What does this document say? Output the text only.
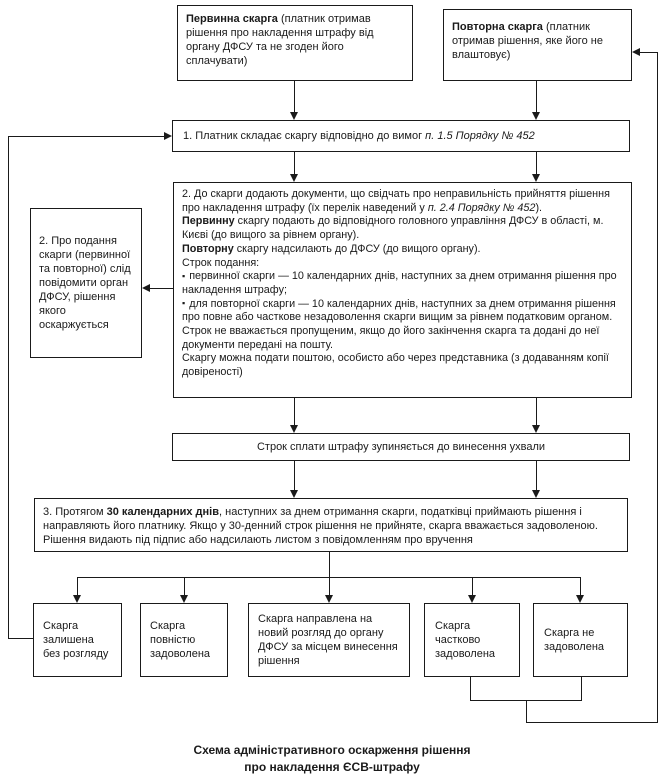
Первинна скарга (платник отримав рішення про накладення штрафу від органу ДФСУ та не згоден його сплачувати)

Повторна скарга (платник отримав рішення, яке його не влаштовує)

1. Платник складає скаргу відповідно до вимог п. 1.5 Порядку № 452

2. До скарги додають документи, що свідчать про неправильність прийняття рішення про накладення штрафу (їх перелік наведений у п. 2.4 Порядку № 452).

Первинну скаргу подають до відповідного головного управління ДФСУ в області, м. Києві (до вищого за рівнем органу).

Повторну скаргу надсилають до ДФСУ (до вищого органу).

Строк подання:

▪ первинної скарги — 10 календарних днів, наступних за днем отримання рішення про накладення штрафу;

▪ для повторної скарги — 10 календарних днів, наступних за днем отримання рішення про повне або часткове незадоволення скарги вищим за рівнем податковим органом.

Строк не вважається пропущеним, якщо до його закінчення скарга та додані до неї документи передані на пошту.

Скаргу можна подати поштою, особисто або через представника (з додаванням копії довіреності)

2. Про подання скарги (первинної та повторної) слід повідомити орган ДФСУ, рішення якого оскаржується

Строк сплати штрафу зупиняється до винесення ухвали

3. Протягом 30 календарних днів, наступних за днем отримання скарги, податківці приймають рішення і направляють його платнику. Якщо у 30-денний строк рішення не прийняте, скарга вважається задоволеною. Рішення видають під підпис або надсилають листом з повідомленням про вручення

Скарга залишена без розгляду

Скарга повністю задоволена

Скарга направлена на новий розгляд до органу ДФСУ за місцем винесення рішення

Скарга частково задоволена

Скарга не задоволена

Схема адміністративного оскарження рішення
про накладення ЄСВ-штрафу
